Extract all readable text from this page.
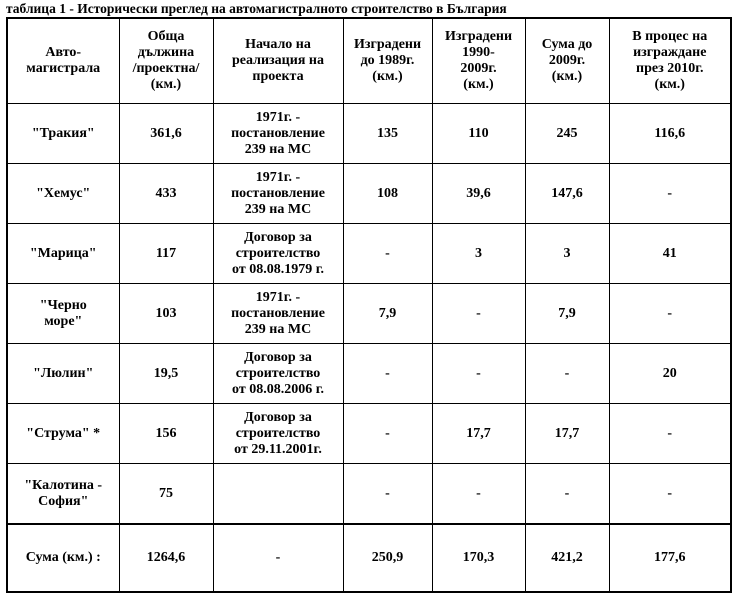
таблица 1 - Исторически преглед на автомагистралното строителство в България
Авто-
магистрала	Обща
дължина
/проектна/
(км.)	Начало на
реализация на
проекта	Изградени
до 1989г.
(км.)	Изградени
1990-
2009г.
(км.)	Сума до
2009г.
(км.)	В процес на
изграждане
през 2010г.
(км.)
"Тракия"	361,6	1971г. -
постановление
239 на МС	135	110	245	116,6
"Хемус"	433	1971г. -
постановление
239 на МС	108	39,6	147,6	-
"Марица"	117	Договор за
строителство
от 08.08.1979 г.	-	3	3	41
"Черно
море"	103	1971г. -
постановление
239 на МС	7,9	-	7,9	-
"Люлин"	19,5	Договор за
строителство
от 08.08.2006 г.	-	-	-	20
"Струма" *	156	Договор за
строителство
от 29.11.2001г.	-	17,7	17,7	-
"Калотина -
София"	75		-	-	-	-
Сума (км.) :	1264,6	-	250,9	170,3	421,2	177,6
